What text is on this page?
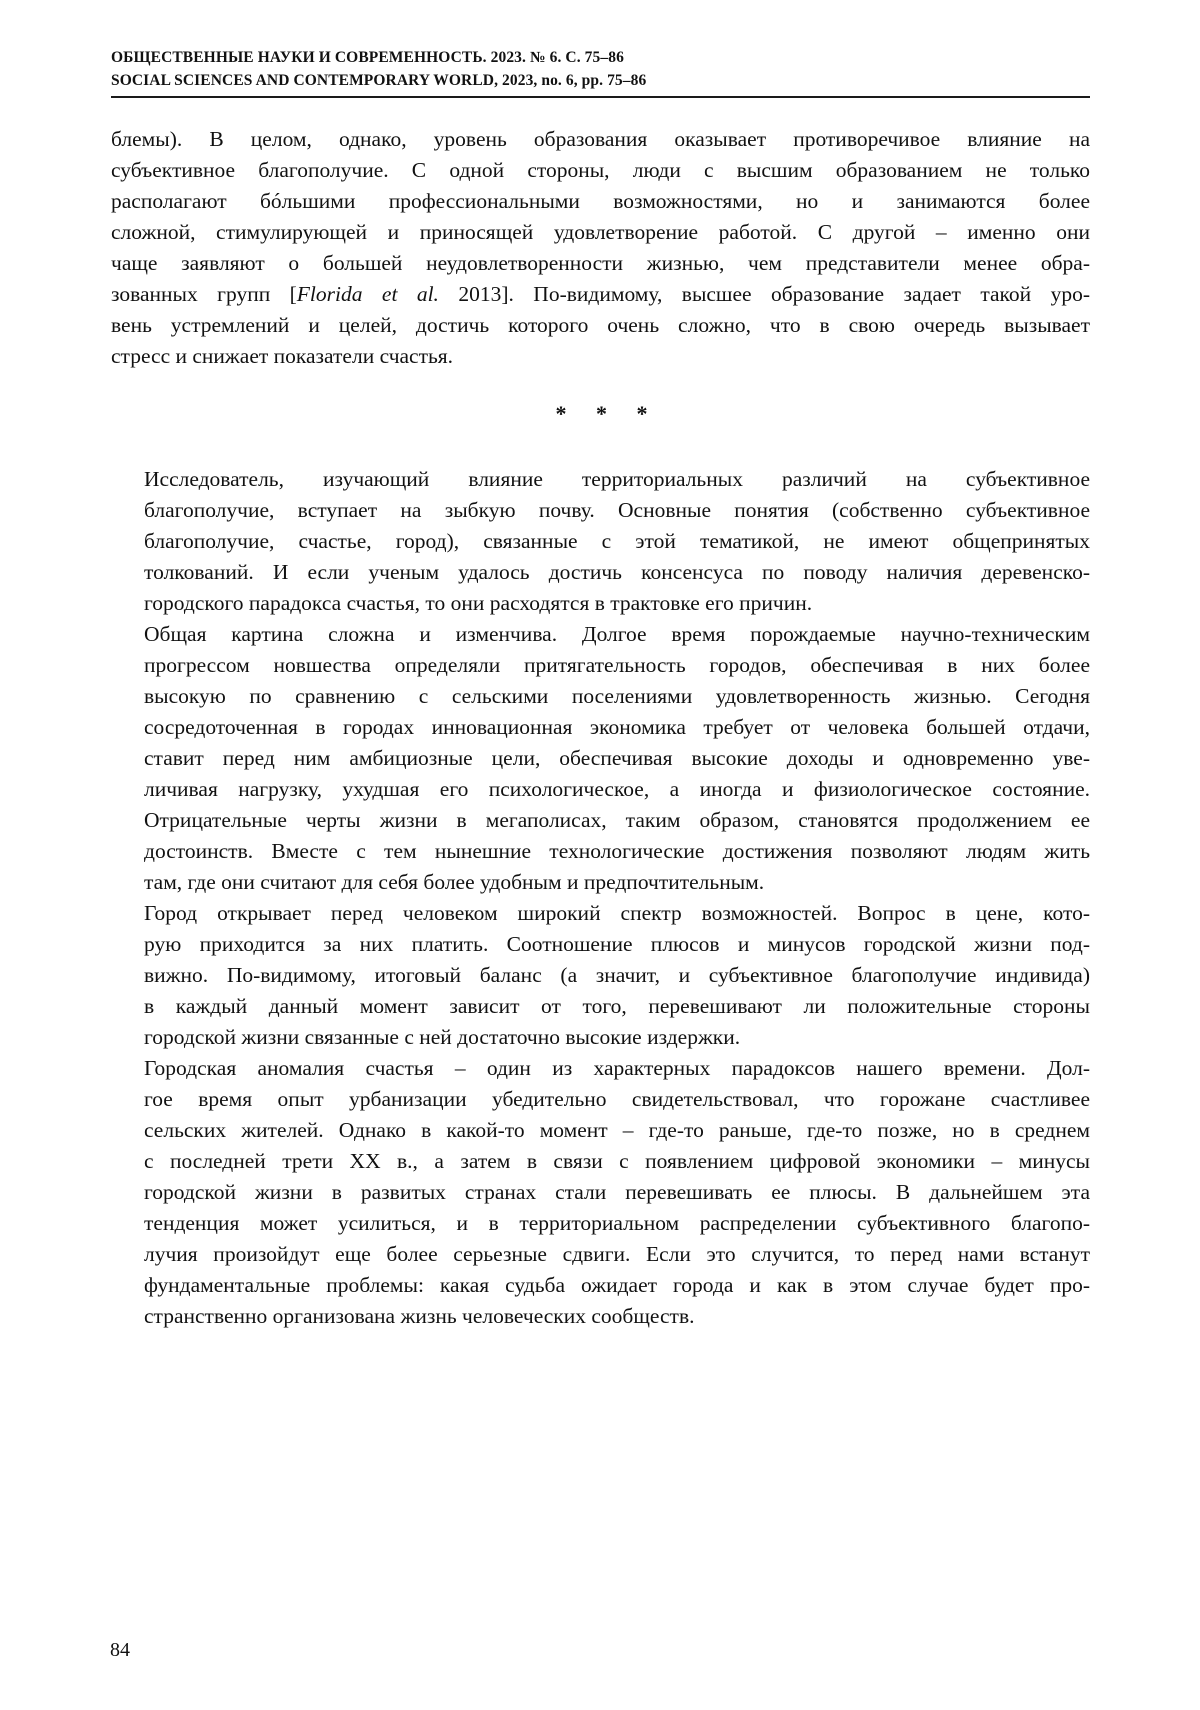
ОБЩЕСТВЕННЫЕ НАУКИ И СОВРЕМЕННОСТЬ. 2023. № 6. С. 75–86
SOCIAL SCIENCES AND CONTEMPORARY WORLD, 2023, no. 6, pp. 75–86

блемы). В целом, однако, уровень образования оказывает противоречивое влияние на
субъективное благополучие. С одной стороны, люди с высшим образованием не только
располагают бóльшими профессиональными возможностями, но и занимаются более
сложной, стимулирующей и приносящей удовлетворение работой. С другой – именно они
чаще заявляют о большей неудовлетворенности жизнью, чем представители менее обра-
зованных групп [Florida et al. 2013]. По-видимому, высшее образование задает такой уро-
вень устремлений и целей, достичь которого очень сложно, что в свою очередь вызывает
стресс и снижает показатели счастья.

* * *

Исследователь, изучающий влияние территориальных различий на субъективное
благополучие, вступает на зыбкую почву. Основные понятия (собственно субъективное
благополучие, счастье, город), связанные с этой тематикой, не имеют общепринятых
толкований. И если ученым удалось достичь консенсуса по поводу наличия деревенско-
городского парадокса счастья, то они расходятся в трактовке его причин.

Общая картина сложна и изменчива. Долгое время порождаемые научно-техническим
прогрессом новшества определяли притягательность городов, обеспечивая в них более
высокую по сравнению с сельскими поселениями удовлетворенность жизнью. Сегодня
сосредоточенная в городах инновационная экономика требует от человека большей отдачи,
ставит перед ним амбициозные цели, обеспечивая высокие доходы и одновременно уве-
личивая нагрузку, ухудшая его психологическое, а иногда и физиологическое состояние.
Отрицательные черты жизни в мегаполисах, таким образом, становятся продолжением ее
достоинств. Вместе с тем нынешние технологические достижения позволяют людям жить
там, где они считают для себя более удобным и предпочтительным.

Город открывает перед человеком широкий спектр возможностей. Вопрос в цене, кото-
рую приходится за них платить. Соотношение плюсов и минусов городской жизни под-
вижно. По-видимому, итоговый баланс (а значит, и субъективное благополучие индивида)
в каждый данный момент зависит от того, перевешивают ли положительные стороны
городской жизни связанные с ней достаточно высокие издержки.

Городская аномалия счастья – один из характерных парадоксов нашего времени. Дол-
гое время опыт урбанизации убедительно свидетельствовал, что горожане счастливее
сельских жителей. Однако в какой-то момент – где-то раньше, где-то позже, но в среднем
с последней трети XX в., а затем в связи с появлением цифровой экономики – минусы
городской жизни в развитых странах стали перевешивать ее плюсы. В дальнейшем эта
тенденция может усилиться, и в территориальном распределении субъективного благопо-
лучия произойдут еще более серьезные сдвиги. Если это случится, то перед нами встанут
фундаментальные проблемы: какая судьба ожидает города и как в этом случае будет про-
странственно организована жизнь человеческих сообществ.

84
